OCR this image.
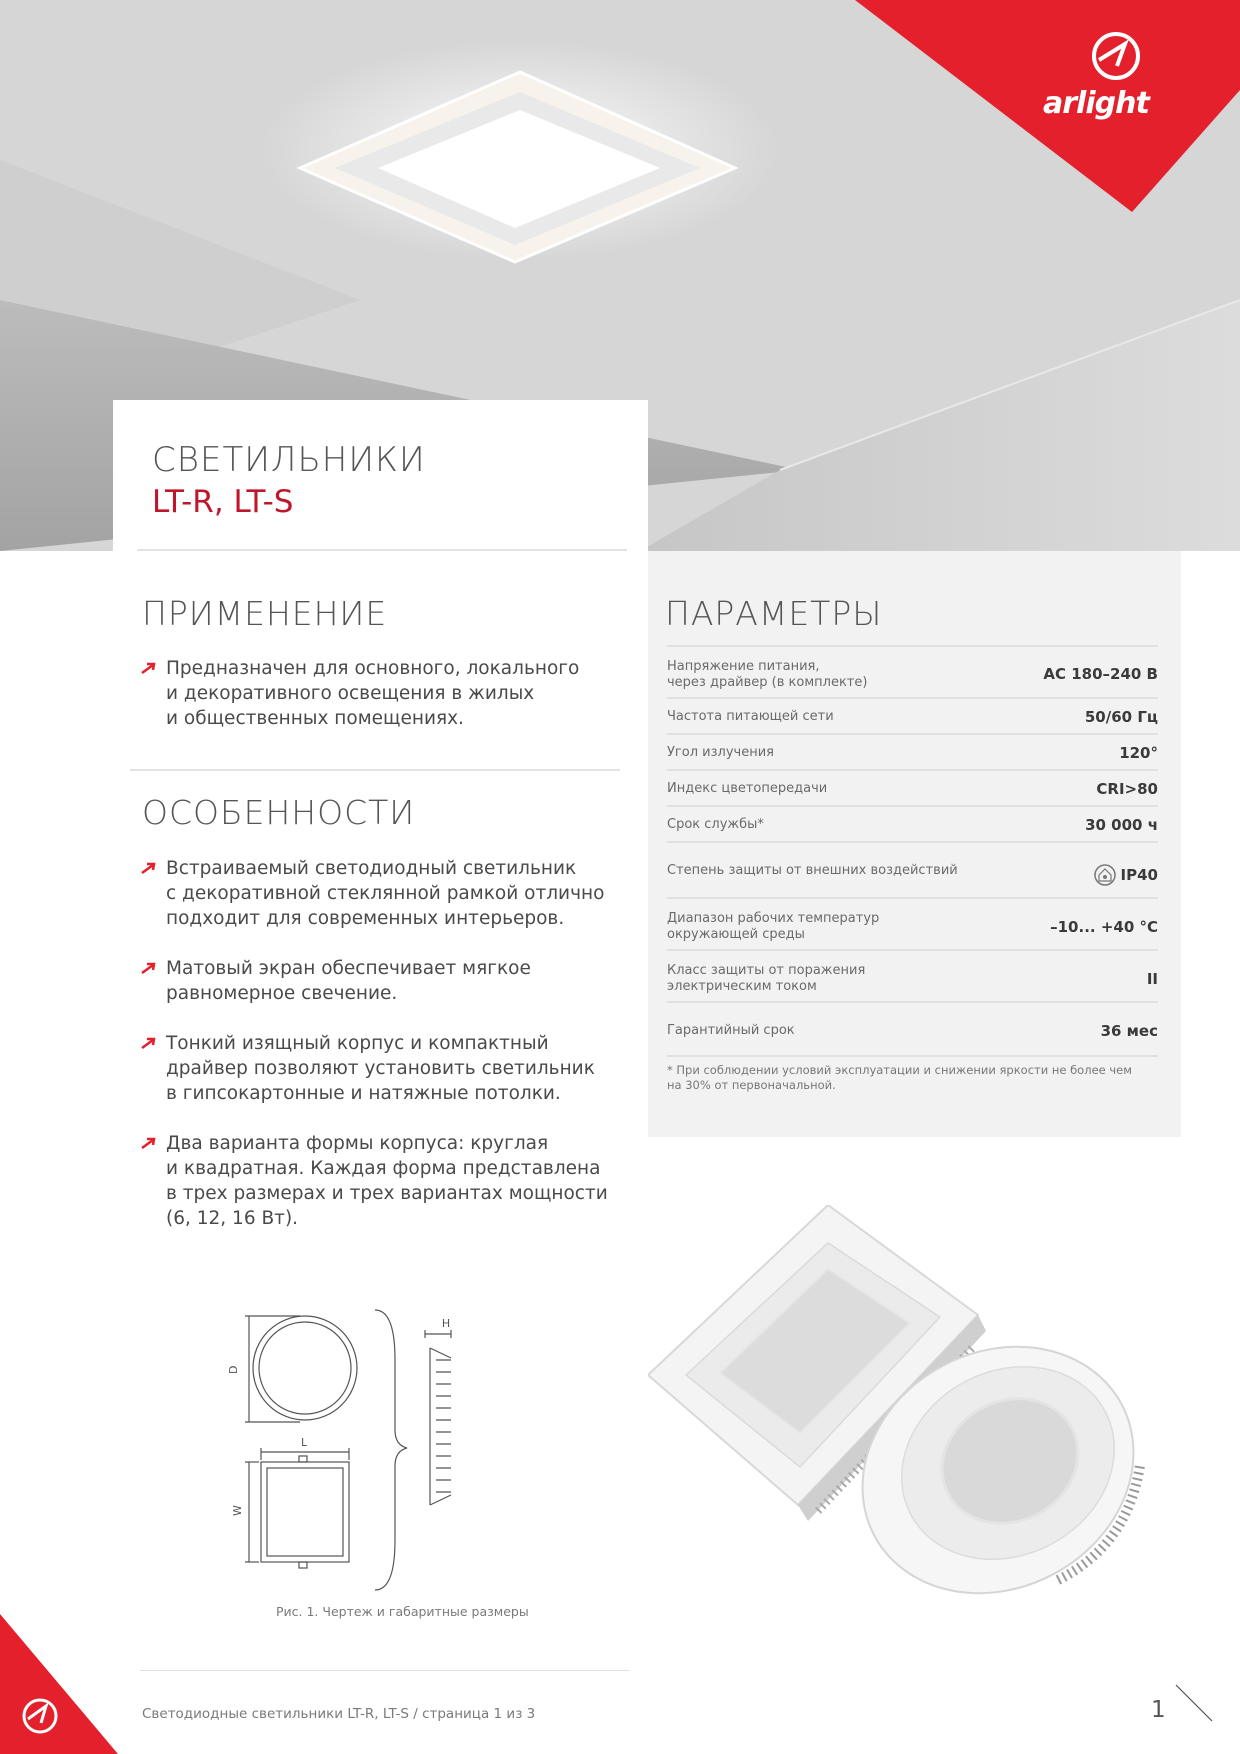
arlight
СВЕТИЛЬНИКИ
LT-R, LT-S
ПРИМЕНЕНИЕ
Предназначен для основного, локального
и декоративного освещения в жилых
и общественных помещениях.
ОСОБЕННОСТИ
Встраиваемый светодиодный светильник
с декоративной стеклянной рамкой отлично
подходит для современных интерьеров.
Матовый экран обеспечивает мягкое
равномерное свечение.
Тонкий изящный корпус и компактный
драйвер позволяют установить светильник
в гипсокартонные и натяжные потолки.
Два варианта формы корпуса: круглая
и квадратная. Каждая форма представлена
в трех размерах и трех вариантах мощности
(6, 12, 16 Вт).
ПАРАМЕТРЫ
Напряжение питания,
через драйвер (в комплекте)	AC 180–240 B
Частота питающей сети	50/60 Гц
Угол излучения	120°
Индекс цветопередачи	CRI>80
Срок службы*	30 000 ч
Степень защиты от внешних воздействий	IP40
Диапазон рабочих температур
окружающей среды	–10... +40 °C
Класс защиты от поражения
электрическим током	II
Гарантийный срок	36 мес
* При соблюдении условий эксплуатации и снижении яркости не более чем
на 30% от первоначальной.
D
L
W
H
Рис. 1. Чертеж и габаритные размеры
Светодиодные светильники LT-R, LT-S / страница 1 из 3	1
